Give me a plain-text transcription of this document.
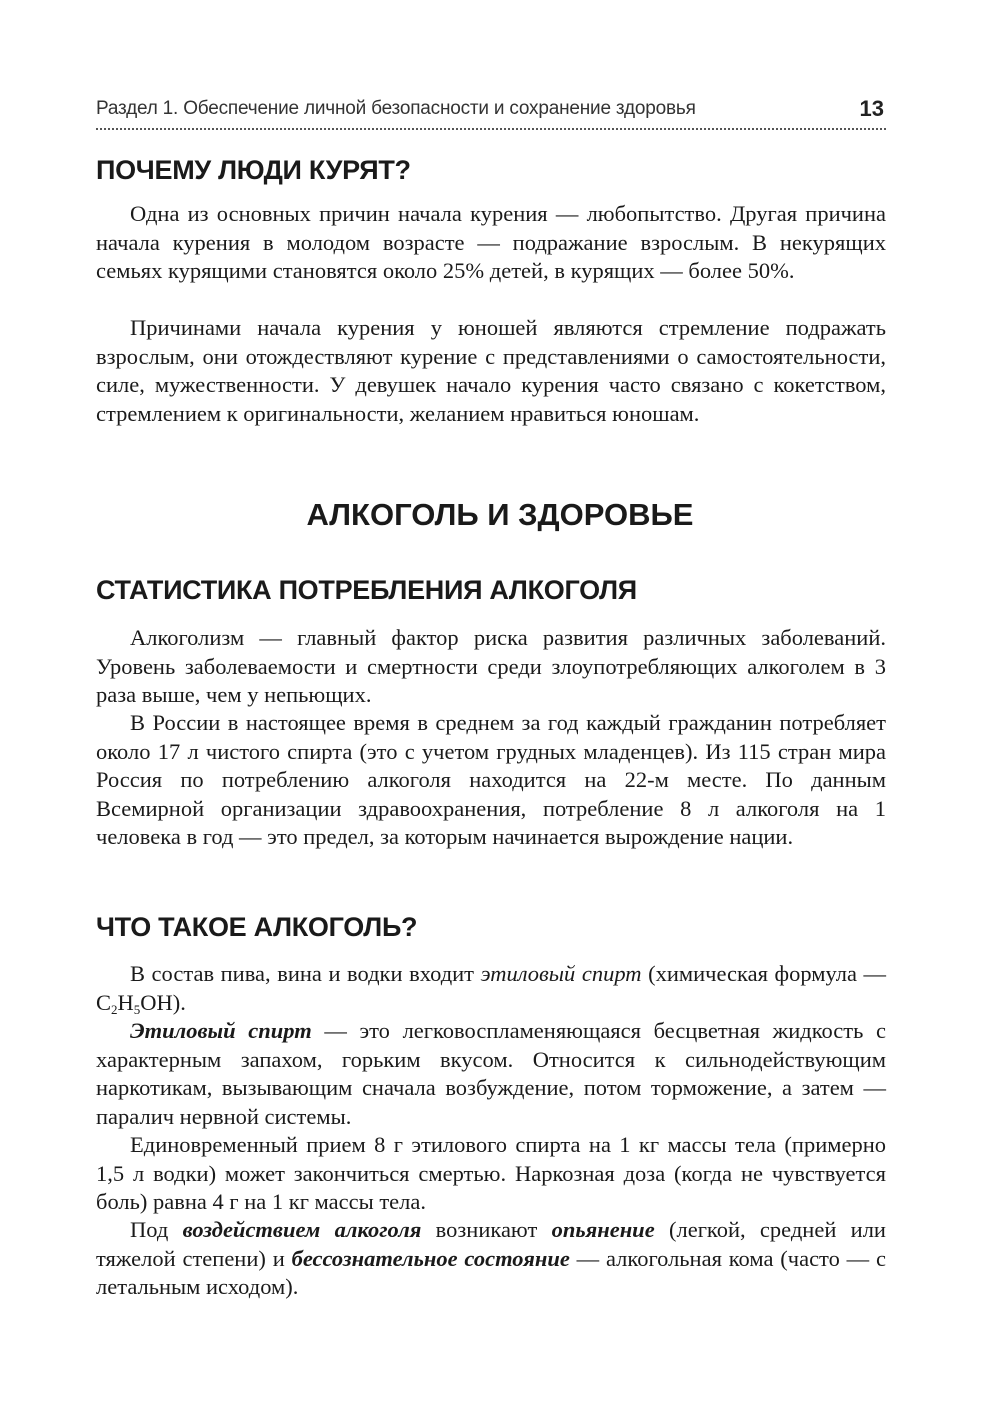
Раздел 1. Обеспечение личной безопасности и сохранение здоровья	13
ПОЧЕМУ ЛЮДИ КУРЯТ?

Одна из основных причин начала курения — любопытство. Другая причина начала курения в молодом возрасте — подражание взрослым. В некурящих семьях курящими становятся около 25% детей, в курящих — более 50%.

Причинами начала курения у юношей являются стремление подражать взрослым, они отождествляют курение с представлениями о самостоятельности, силе, мужественности. У девушек начало курения часто связано с кокетством, стремлением к оригинальности, желанием нравиться юношам.

АЛКОГОЛЬ И ЗДОРОВЬЕ
СТАТИСТИКА ПОТРЕБЛЕНИЯ АЛКОГОЛЯ

Алкоголизм — главный фактор риска развития различных заболеваний. Уровень заболеваемости и смертности среди злоупотребляющих алкоголем в 3 раза выше, чем у непьющих.

В России в настоящее время в среднем за год каждый гражданин потребляет около 17 л чистого спирта (это с учетом грудных младенцев). Из 115 стран мира Россия по потреблению алкоголя находится на 22-м месте. По данным Всемирной организации здравоохранения, потребление 8 л алкоголя на 1 человека в год — это предел, за которым начинается вырождение нации.

ЧТО ТАКОЕ АЛКОГОЛЬ?

В состав пива, вина и водки входит этиловый спирт (химическая формула — $C_2H_5OH$).

Этиловый спирт — это легковоспламеняющаяся бесцветная жидкость с характерным запахом, горьким вкусом. Относится к сильнодействующим наркотикам, вызывающим сначала возбуждение, потом торможение, а затем — паралич нервной системы.

Единовременный прием 8 г этилового спирта на 1 кг массы тела (примерно 1,5 л водки) может закончиться смертью. Наркозная доза (когда не чувствуется боль) равна 4 г на 1 кг массы тела.

Под воздействием алкоголя возникают опьянение (легкой, средней или тяжелой степени) и бессознательное состояние — алкогольная кома (часто — с летальным исходом).
